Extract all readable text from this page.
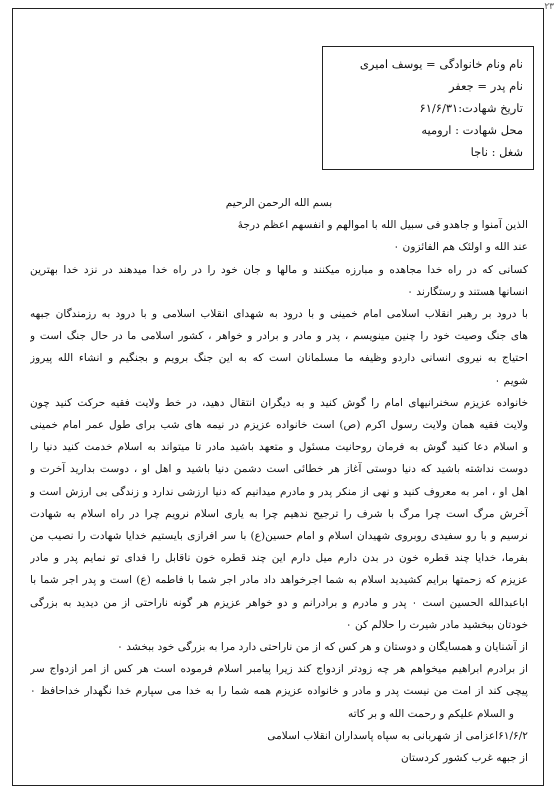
۲۳
نام ونام خانوادگی = یوسف امیری
نام پدر = جعفر
تاریخ شهادت:۶۱/۶/۳۱
محل شهادت : ارومیه
شغل : ناجا
بسم الله الرحمن الرحیم
الذین آمنوا و جاهدو فی سبیل الله با اموالهم و انفسهم اعظم درجهٔ
عند الله و اولئک هم الفائزون ۰
کسانی که در راه خدا مجاهده و مبارزه میکنند و مالها و جان خود را در راه خدا میدهند در نزد خدا بهترین
انسانها هستند و رستگارند ۰
با درود بر رهبر انقلاب اسلامی امام خمینی و با درود به شهدای انقلاب اسلامی و با درود به رزمندگان جبهه
های جنگ وصیت خود را چنین مینویسم ، پدر و مادر و برادر و خواهر ، کشور اسلامی ما در حال جنگ است و
احتیاج به نیروی انسانی داردو وظیفه ما مسلمانان است که به این جنگ برویم و بجنگیم و انشاء الله پیروز
شویم ۰
خانواده عزیزم سخنرانیهای امام را گوش کنید و به دیگران انتقال دهید، در خط ولایت فقیه حرکت کنید چون
ولایت فقیه همان ولایت رسول اکرم (ص) است خانواده عزیزم در نیمه های شب برای طول عمر امام خمینی
و اسلام دعا کنید گوش به فرمان روحانیت مسئول و متعهد باشید مادر تا میتواند به اسلام خدمت کنید دنیا را
دوست نداشته باشید که دنیا دوستی آغاز هر خطائی است دشمن دنیا باشید و اهل او ، دوست بدارید آخرت و
اهل او ، امر به معروف کنید و نهی از منکر پدر و مادرم میدانیم که دنیا ارزشی ندارد و زندگی بی ارزش است و
آخرش مرگ است چرا مرگ با شرف را ترجیح ندهیم چرا به یاری اسلام نرویم چرا در راه اسلام به شهادت
نرسیم و با رو سفیدی روبروی شهیدان اسلام و امام حسین(ع) با سر افرازی بایستیم خدایا شهادت را نصیب من
بفرما، خدایا چند قطره خون در بدن دارم میل دارم این چند قطره خون ناقابل را فدای تو نمایم پدر و مادر
عزیزم که زحمتها برایم کشیدید اسلام به شما اجرخواهد داد مادر اجر شما با فاطمه (ع) است و پدر اجر شما با
اباعبدالله الحسین است ۰ پدر و مادرم و برادرانم و دو خواهر عزیزم هر گونه ناراحتی از من دیدید به بزرگی
خودتان ببخشید مادر شیرت را حلالم کن ۰
از آشنایان و همسایگان و دوستان و هر کس که از من ناراحتی دارد مرا به بزرگی خود ببخشد ۰
از برادرم ابراهیم میخواهم هر چه زودتر ازدواج کند زیرا پیامبر اسلام فرموده است هر کس از امر ازدواج سر
پیچی کند از امت من نیست پدر و مادر و خانواده عزیزم همه شما را به خدا می سپارم خدا نگهدار خداحافظ ۰
و السلام علیکم و رحمت الله و بر کاته
۶۱/۶/۲اعزامی از شهربانی به سپاه پاسداران انقلاب اسلامی
از جبهه غرب کشور کردستان
